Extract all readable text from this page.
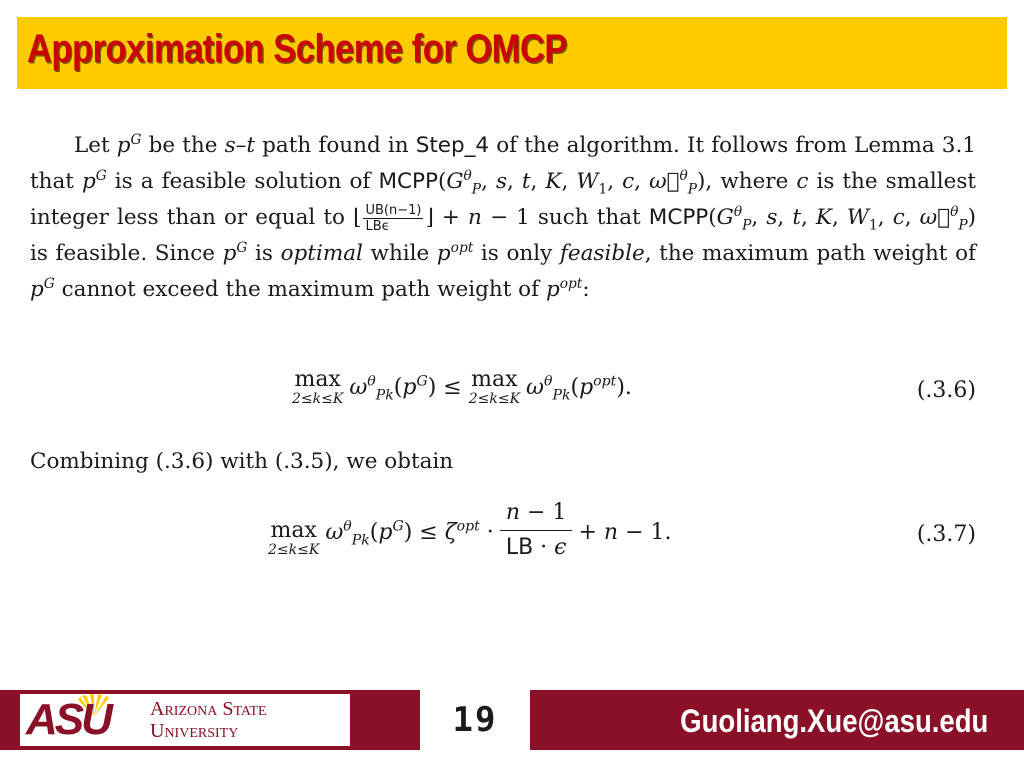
Approximation Scheme for OMCP

Let $p^G$ be the s–t path found in Step_4 of the algorithm. It follows from Lemma 3.1 that $p^G$ is a feasible solution of $MCPP(G^\theta_P$, s, t, K, $W_1$, c, ω⃗$^\theta_P$), where c is the smallest integer less than or equal to ⌊ $\frac{UB(n-1)}{\text{LBϵ}}$ ⌋ + n − 1 such that $MCPP(G^\theta_P$, s, t, K, $W_1$, c, ω⃗$^\theta_P$) is feasible. Since $p^G$ is optimal while $p^{opt}$ is only feasible, the maximum path weight of $p^G$ cannot exceed the maximum path weight of $p^{opt}$:

max
2≤k≤K $\omega^\theta_{Pk}(p^G) \le \max$
2≤k≤K $\omega^\theta_{Pk}(p^{opt})$.	(.3.6)

Combining (.3.6) with (.3.5), we obtain

max
2≤k≤K
$\omega^\theta_{Pk}(p^G) \le \zeta^{opt} \cdot \frac{n - 1}{LB \cdot \epsilon} + n - 1$.	(.3.7)
ASU Arizona State
University	19	Guoliang.Xue@asu.edu
